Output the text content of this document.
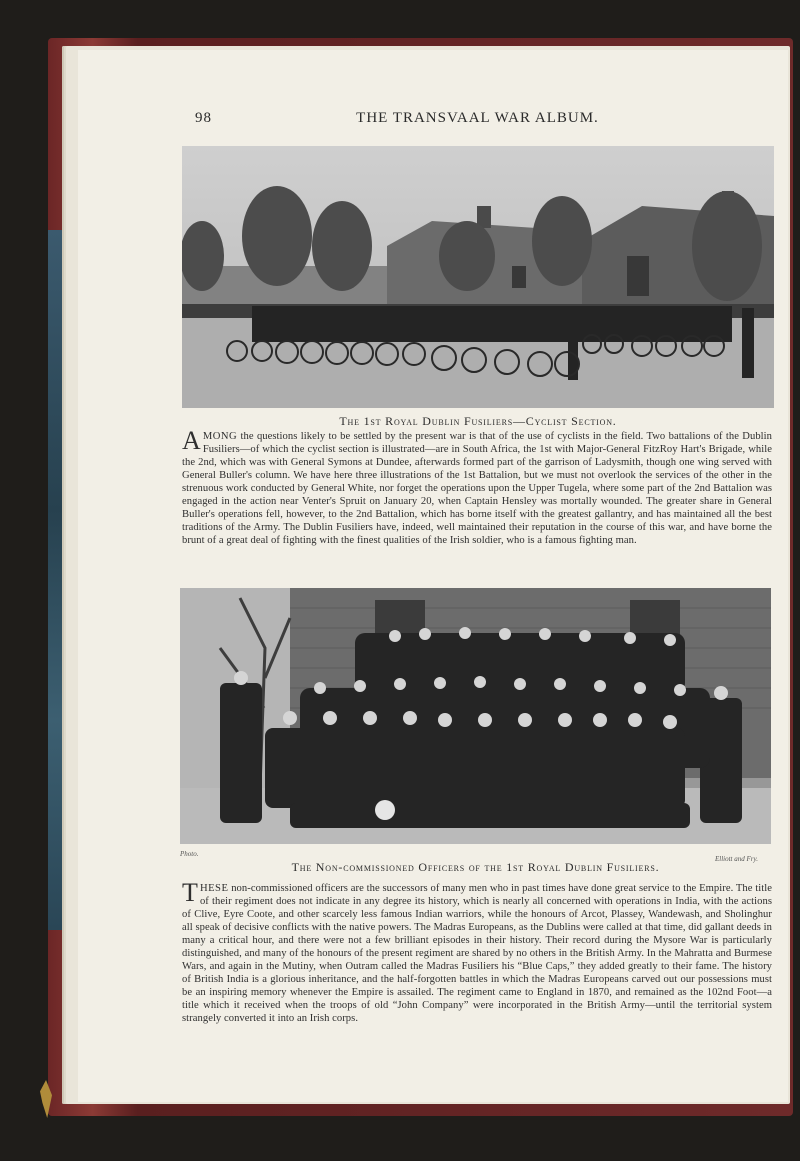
98	THE TRANSVAAL WAR ALBUM.
The 1st Royal Dublin Fusiliers—Cyclist Section.
AMONG the questions likely to be settled by the present war is that of the use of cyclists in the field. Two battalions of the Dublin Fusiliers—of which the cyclist section is illustrated—are in South Africa, the 1st with Major-General FitzRoy Hart's Brigade, while the 2nd, which was with General Symons at Dundee, afterwards formed part of the garrison of Ladysmith, though one wing served with General Buller's column. We have here three illustrations of the 1st Battalion, but we must not overlook the services of the other in the strenuous work conducted by General White, nor forget the operations upon the Upper Tugela, where some part of the 2nd Battalion was engaged in the action near Venter's Spruit on January 20, when Captain Hensley was mortally wounded. The greater share in General Buller's operations fell, however, to the 2nd Battalion, which has borne itself with the greatest gallantry, and has maintained all the best traditions of the Army. The Dublin Fusiliers have, indeed, well maintained their reputation in the course of this war, and have borne the brunt of a great deal of fighting with the finest qualities of the Irish soldier, who is a famous fighting man.
Photo.
Elliott and Fry.
The Non-commissioned Officers of the 1st Royal Dublin Fusiliers.
THESE non-commissioned officers are the successors of many men who in past times have done great service to the Empire. The title of their regiment does not indicate in any degree its history, which is nearly all concerned with operations in India, with the actions of Clive, Eyre Coote, and other scarcely less famous Indian warriors, while the honours of Arcot, Plassey, Wandewash, and Sholinghur all speak of decisive conflicts with the native powers. The Madras Europeans, as the Dublins were called at that time, did gallant deeds in many a critical hour, and there were not a few brilliant episodes in their history. Their record during the Mysore War is particularly distinguished, and many of the honours of the present regiment are shared by no others in the British Army. In the Mahratta and Burmese Wars, and again in the Mutiny, when Outram called the Madras Fusiliers his “Blue Caps,” they added greatly to their fame. The history of British India is a glorious inheritance, and the half-forgotten battles in which the Madras Europeans carved out our possessions must be an inspiring memory whenever the Empire is assailed. The regiment came to England in 1870, and remained as the 102nd Foot—a title which it received when the troops of old “John Company” were incorporated in the British Army—until the territorial system strangely converted it into an Irish corps.
